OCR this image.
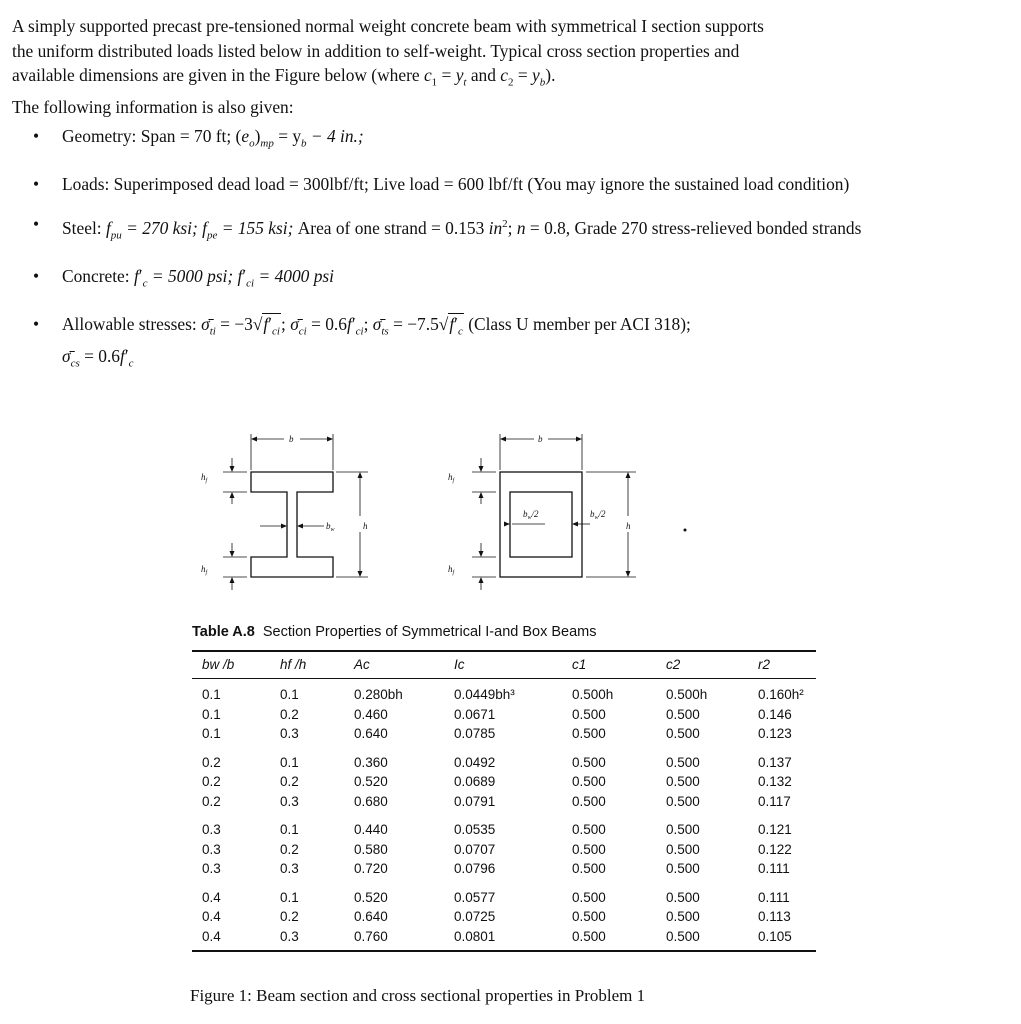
A simply supported precast pre-tensioned normal weight concrete beam with symmetrical I section supports

the uniform distributed loads listed below in addition to self-weight. Typical cross section properties and

available dimensions are given in the Figure below (where $c_1 = y_t$ and $c_2 = y_b$).

The following information is also given:

• Geometry: Span = 70 ft; $(e_o)_{mp} = y_b - 4$ in.;
• Loads: Superimposed dead load = 300lbf/ft; Live load = 600 lbf/ft (You may ignore the sustained load condition)
• Steel: $f_{pu} = 270$ ksi; $f_{pe} = 155$ ksi; Area of one strand = 0.153 $in^2$; n = 0.8, Grade 270 stress-relieved bonded strands
• Concrete: $f'_c = 5000$ psi; $f'_{ci} = 4000$ psi
• Allowable stresses: $\sigmā_{ti} = -3√f'_{ci}$; $\sigmā_{ci} = 0.6f'_{ci}$; $\sigmā_{ts} = -7.5√f'_c$ (Class U member per ACI 318);
$\sigmā_{cs} = 0.6f'_c$
b
$h_f$
$h_f$
$b_w$	h
b
$h_f$
$h_f$
$b_w/2$	$b_w/2$
h
Table A.8 Section Properties of Symmetrical I-and Box Beams
bw /b	hf /h	Ac	Ic	c1	c2	r2
0.1	0.1	0.280bh	0.0449bh³	0.500h	0.500h	0.160h²
0.1	0.2	0.460	0.0671	0.500	0.500	0.146
0.1	0.3	0.640	0.0785	0.500	0.500	0.123
0.2	0.1	0.360	0.0492	0.500	0.500	0.137
0.2	0.2	0.520	0.0689	0.500	0.500	0.132
0.2	0.3	0.680	0.0791	0.500	0.500	0.117
0.3	0.1	0.440	0.0535	0.500	0.500	0.121
0.3	0.2	0.580	0.0707	0.500	0.500	0.122
0.3	0.3	0.720	0.0796	0.500	0.500	0.111
0.4	0.1	0.520	0.0577	0.500	0.500	0.111
0.4	0.2	0.640	0.0725	0.500	0.500	0.113
0.4	0.3	0.760	0.0801	0.500	0.500	0.105
Figure 1: Beam section and cross sectional properties in Problem 1
